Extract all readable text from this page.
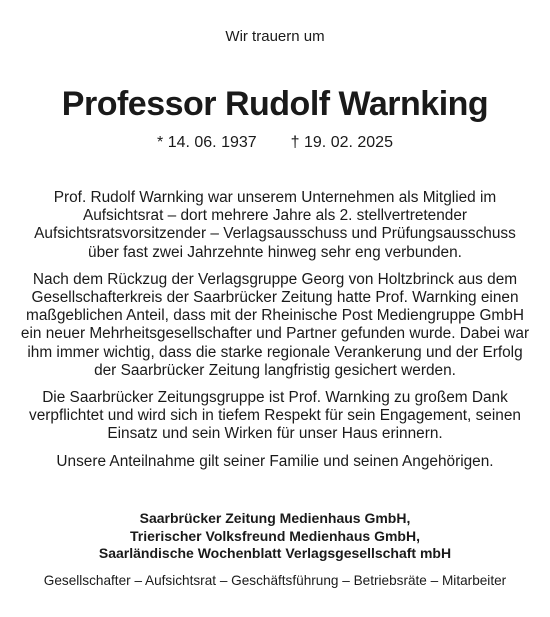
Wir trauern um
Professor Rudolf Warnking
* 14. 06. 1937 † 19. 02. 2025

Prof. Rudolf Warnking war unserem Unternehmen als Mitglied im Aufsichtsrat – dort mehrere Jahre als 2. stellvertretender Aufsichtsratsvorsitzender – Verlagsausschuss und Prüfungsausschuss über fast zwei Jahrzehnte hinweg sehr eng verbunden.

Nach dem Rückzug der Verlagsgruppe Georg von Holtzbrinck aus dem Gesellschafterkreis der Saarbrücker Zeitung hatte Prof. Warnking einen maßgeblichen Anteil, dass mit der Rheinische Post Mediengruppe GmbH ein neuer Mehrheitsgesellschafter und Partner gefunden wurde. Dabei war ihm immer wichtig, dass die starke regionale Verankerung und der Erfolg der Saarbrücker Zeitung langfristig gesichert werden.

Die Saarbrücker Zeitungsgruppe ist Prof. Warnking zu großem Dank verpflichtet und wird sich in tiefem Respekt für sein Engagement, seinen Einsatz und sein Wirken für unser Haus erinnern.

Unsere Anteilnahme gilt seiner Familie und seinen Angehörigen.

Saarbrücker Zeitung Medienhaus GmbH,
Trierischer Volksfreund Medienhaus GmbH,
Saarländische Wochenblatt Verlagsgesellschaft mbH
Gesellschafter – Aufsichtsrat – Geschäftsführung – Betriebsräte – Mitarbeiter
